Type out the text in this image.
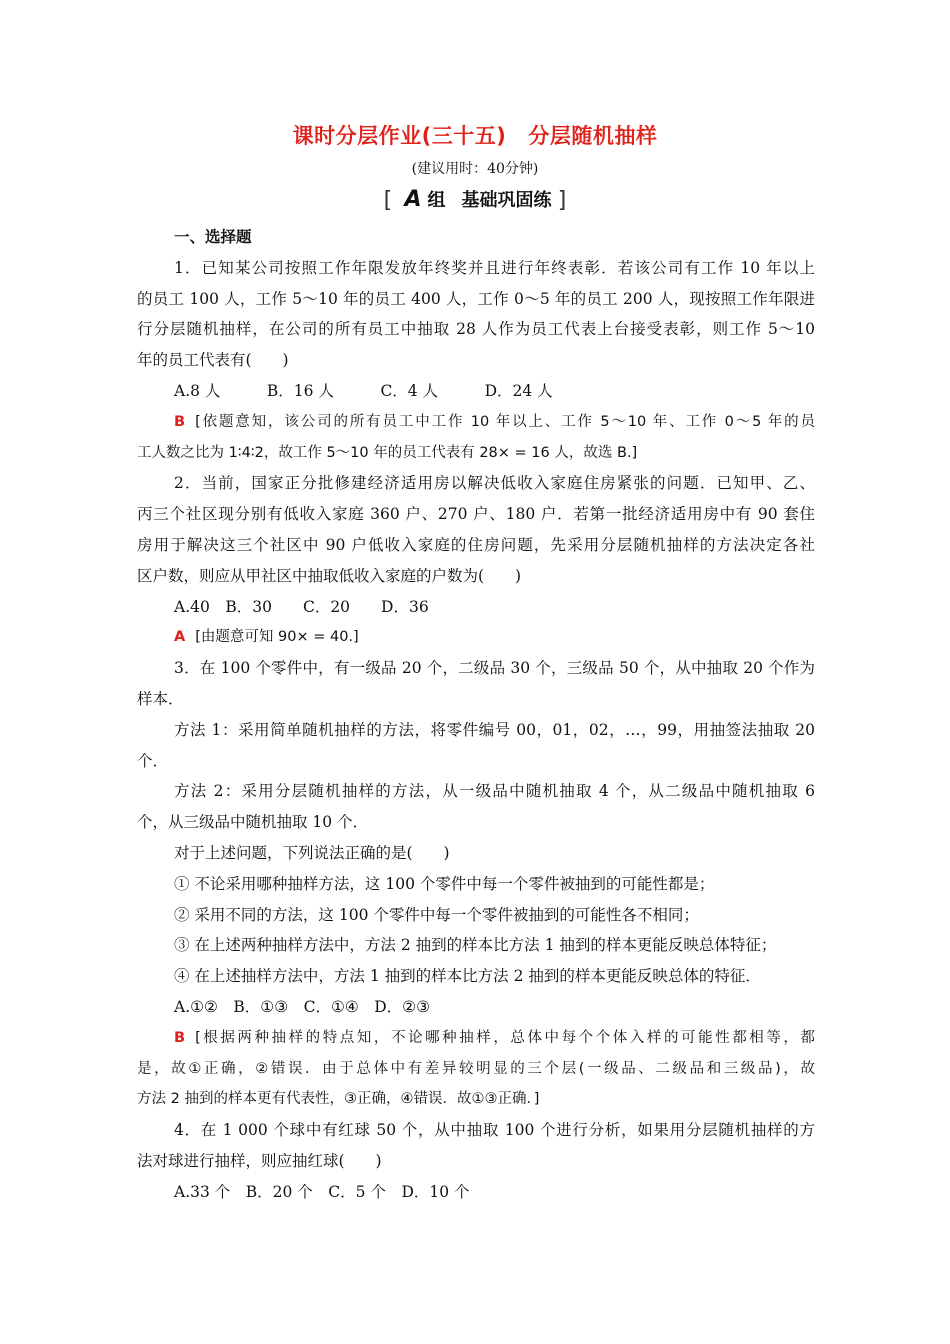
课时分层作业(三十五) 分层随机抽样
(建议用时：40分钟)
[ A 组 基础巩固练 ]
一、选择题
1．已知某公司按照工作年限发放年终奖并且进行年终表彰．若该公司有工作 10 年以上
的员工 100 人，工作 5～10 年的员工 400 人，工作 0～5 年的员工 200 人，现按照工作年限进
行分层随机抽样，在公司的所有员工中抽取 28 人作为员工代表上台接受表彰，则工作 5～10
年的员工代表有(　　)
A.8 人　　　B．16 人　　　C．4 人　　　D．24 人
B [依题意知，该公司的所有员工中工作 10 年以上、工作 5～10 年、工作 0～5 年的员
工人数之比为 1∶4∶2，故工作 5～10 年的员工代表有 28× = 16 人，故选 B.]
2．当前，国家正分批修建经济适用房以解决低收入家庭住房紧张的问题．已知甲、乙、
丙三个社区现分别有低收入家庭 360 户、270 户、180 户．若第一批经济适用房中有 90 套住
房用于解决这三个社区中 90 户低收入家庭的住房问题，先采用分层随机抽样的方法决定各社
区户数，则应从甲社区中抽取低收入家庭的户数为(　　)
A.40　B．30　　C．20　　D．36
A [由题意可知 90× = 40.]
3．在 100 个零件中，有一级品 20 个，二级品 30 个，三级品 50 个，从中抽取 20 个作为
样本．
方法 1：采用简单随机抽样的方法，将零件编号 00，01，02，…，99，用抽签法抽取 20
个．
方法 2：采用分层随机抽样的方法，从一级品中随机抽取 4 个，从二级品中随机抽取 6
个，从三级品中随机抽取 10 个．
对于上述问题，下列说法正确的是(　　)
① 不论采用哪种抽样方法，这 100 个零件中每一个零件被抽到的可能性都是；
② 采用不同的方法，这 100 个零件中每一个零件被抽到的可能性各不相同；
③ 在上述两种抽样方法中，方法 2 抽到的样本比方法 1 抽到的样本更能反映总体特征；
④ 在上述抽样方法中，方法 1 抽到的样本比方法 2 抽到的样本更能反映总体的特征．
A.①②　B．①③　C．①④　D．②③
B [根据两种抽样的特点知，不论哪种抽样，总体中每个个体入样的可能性都相等，都
是，故①正确，②错误．由于总体中有差异较明显的三个层(一级品、二级品和三级品)，故
方法 2 抽到的样本更有代表性，③正确，④错误．故①③正确．]
4．在 1 000 个球中有红球 50 个，从中抽取 100 个进行分析，如果用分层随机抽样的方
法对球进行抽样，则应抽红球(　　)
A.33 个　B．20 个　C．5 个　D．10 个
